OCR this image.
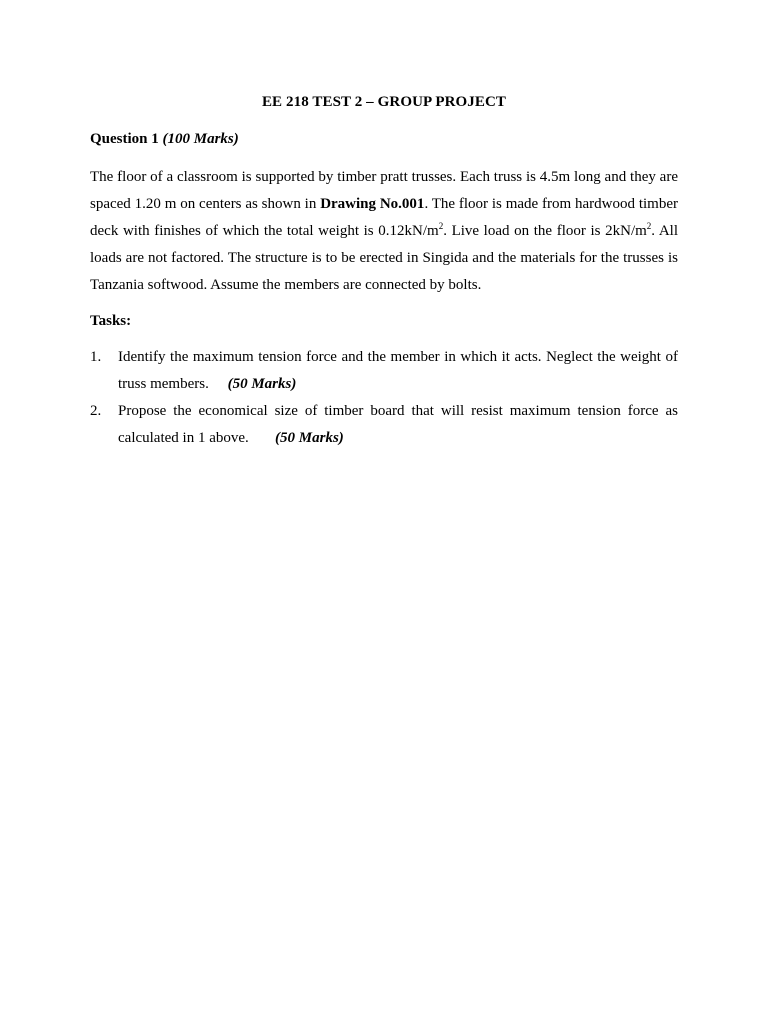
EE 218 TEST 2 – GROUP PROJECT
Question 1 (100 Marks)
The floor of a classroom is supported by timber pratt trusses. Each truss is 4.5m long and they are
spaced 1.20 m on centers as shown in Drawing No.001. The floor is made from hardwood timber
deck with finishes of which the total weight is $0.12kN/m^2$. Live load on the floor is $2kN/m^2$. All
loads are not factored. The structure is to be erected in Singida and the materials for the trusses is
Tanzania softwood. Assume the members are connected by bolts.
Tasks:
1.	Identify the maximum tension force and the member in which it acts. Neglect the weight of
truss members. (50 Marks)
2.	Propose the economical size of timber board that will resist maximum tension force as
calculated in 1 above. (50 Marks)
